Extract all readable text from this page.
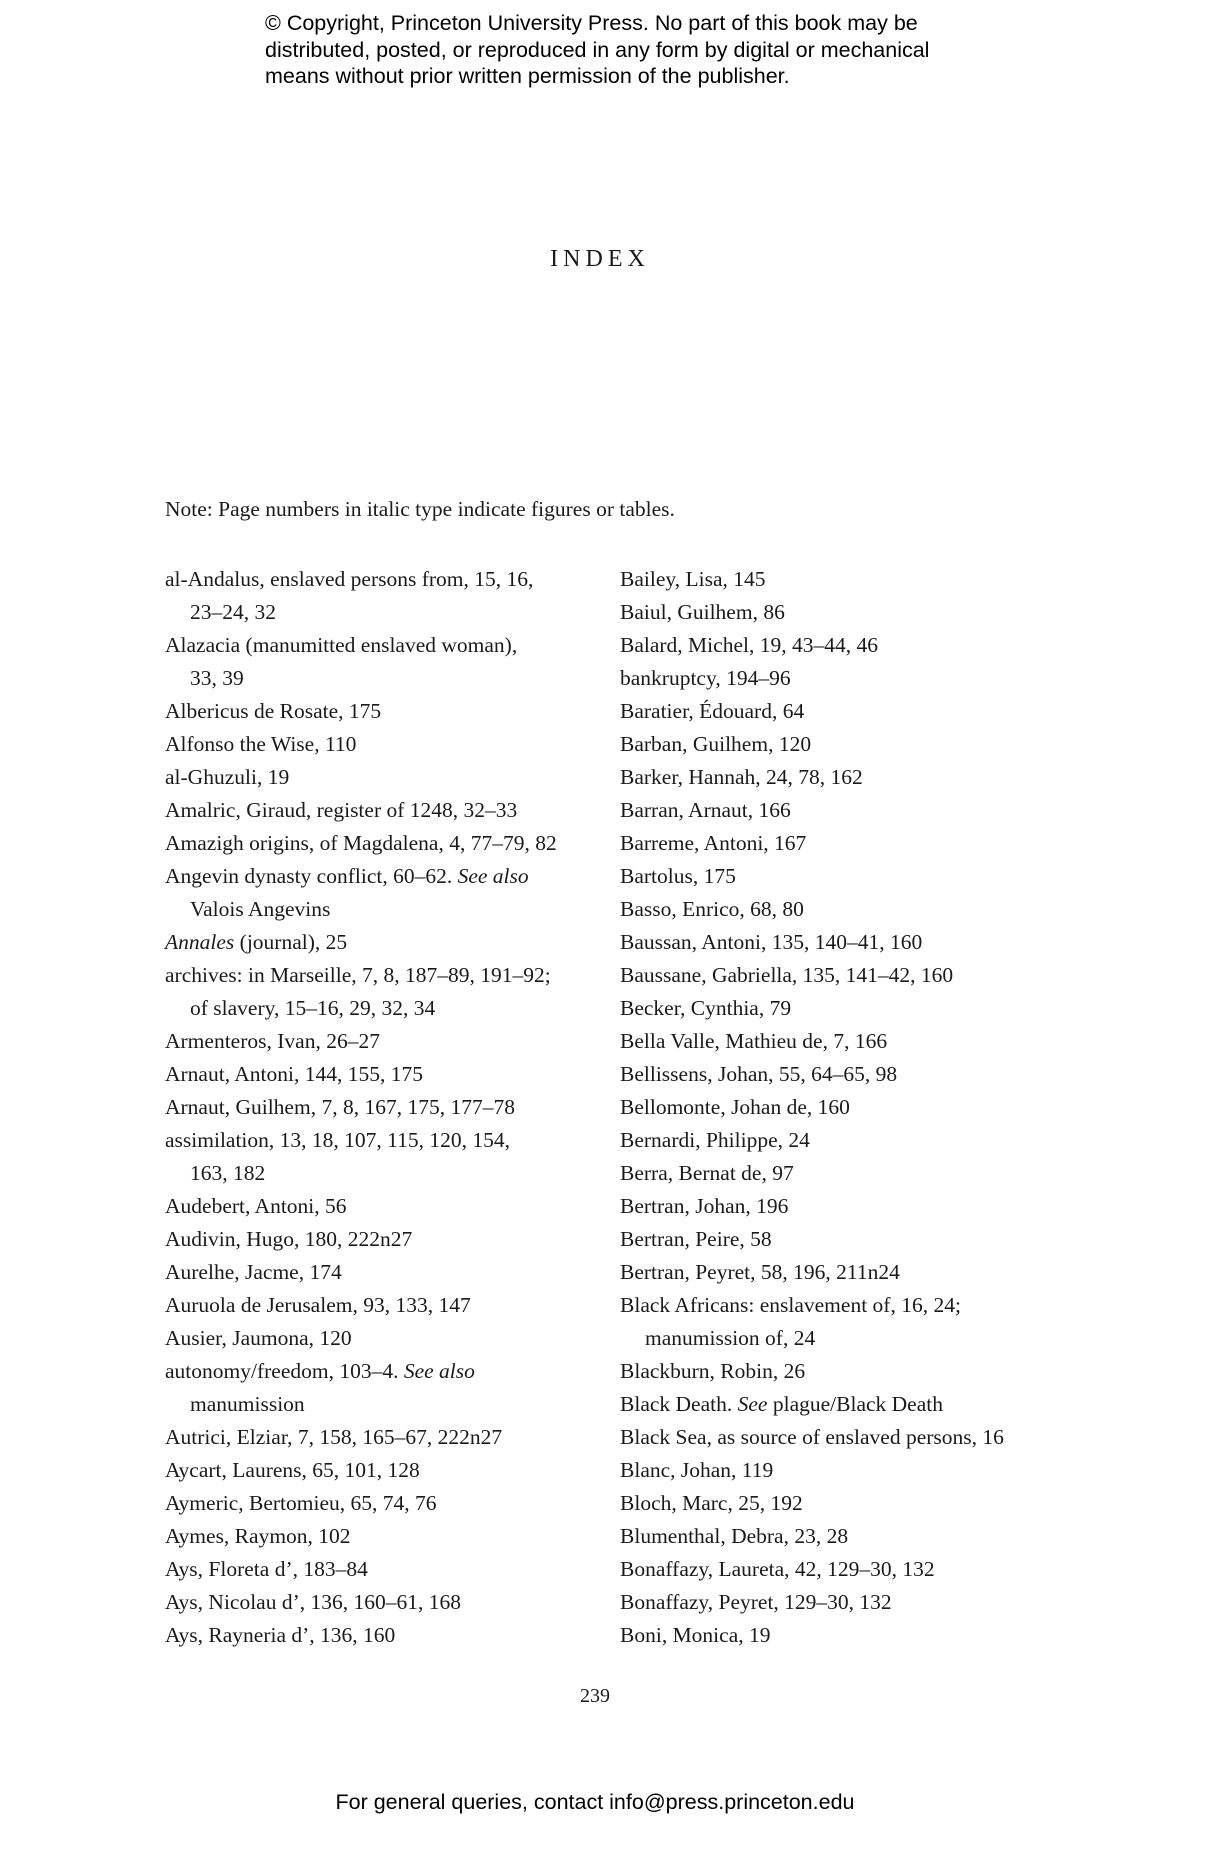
© Copyright, Princeton University Press. No part of this book may be
distributed, posted, or reproduced in any form by digital or mechanical
means without prior written permission of the publisher.
INDEX
Note: Page numbers in italic type indicate figures or tables.
al-Andalus, enslaved persons from, 15, 16,
23–24, 32
Alazacia (manumitted enslaved woman),
33, 39
Albericus de Rosate, 175
Alfonso the Wise, 110
al-Ghuzuli, 19
Amalric, Giraud, register of 1248, 32–33
Amazigh origins, of Magdalena, 4, 77–79, 82
Angevin dynasty conflict, 60–62. See also
Valois Angevins
Annales (journal), 25
archives: in Marseille, 7, 8, 187–89, 191–92;
of slavery, 15–16, 29, 32, 34
Armenteros, Ivan, 26–27
Arnaut, Antoni, 144, 155, 175
Arnaut, Guilhem, 7, 8, 167, 175, 177–78
assimilation, 13, 18, 107, 115, 120, 154,
163, 182
Audebert, Antoni, 56
Audivin, Hugo, 180, 222n27
Aurelhe, Jacme, 174
Auruola de Jerusalem, 93, 133, 147
Ausier, Jaumona, 120
autonomy/freedom, 103–4. See also
manumission
Autrici, Elziar, 7, 158, 165–67, 222n27
Aycart, Laurens, 65, 101, 128
Aymeric, Bertomieu, 65, 74, 76
Aymes, Raymon, 102
Ays, Floreta d’, 183–84
Ays, Nicolau d’, 136, 160–61, 168
Ays, Rayneria d’, 136, 160
Bailey, Lisa, 145
Baiul, Guilhem, 86
Balard, Michel, 19, 43–44, 46
bankruptcy, 194–96
Baratier, Édouard, 64
Barban, Guilhem, 120
Barker, Hannah, 24, 78, 162
Barran, Arnaut, 166
Barreme, Antoni, 167
Bartolus, 175
Basso, Enrico, 68, 80
Baussan, Antoni, 135, 140–41, 160
Baussane, Gabriella, 135, 141–42, 160
Becker, Cynthia, 79
Bella Valle, Mathieu de, 7, 166
Bellissens, Johan, 55, 64–65, 98
Bellomonte, Johan de, 160
Bernardi, Philippe, 24
Berra, Bernat de, 97
Bertran, Johan, 196
Bertran, Peire, 58
Bertran, Peyret, 58, 196, 211n24
Black Africans: enslavement of, 16, 24;
manumission of, 24
Blackburn, Robin, 26
Black Death. See plague/Black Death
Black Sea, as source of enslaved persons, 16
Blanc, Johan, 119
Bloch, Marc, 25, 192
Blumenthal, Debra, 23, 28
Bonaffazy, Laureta, 42, 129–30, 132
Bonaffazy, Peyret, 129–30, 132
Boni, Monica, 19
239
For general queries, contact info@press.princeton.edu
